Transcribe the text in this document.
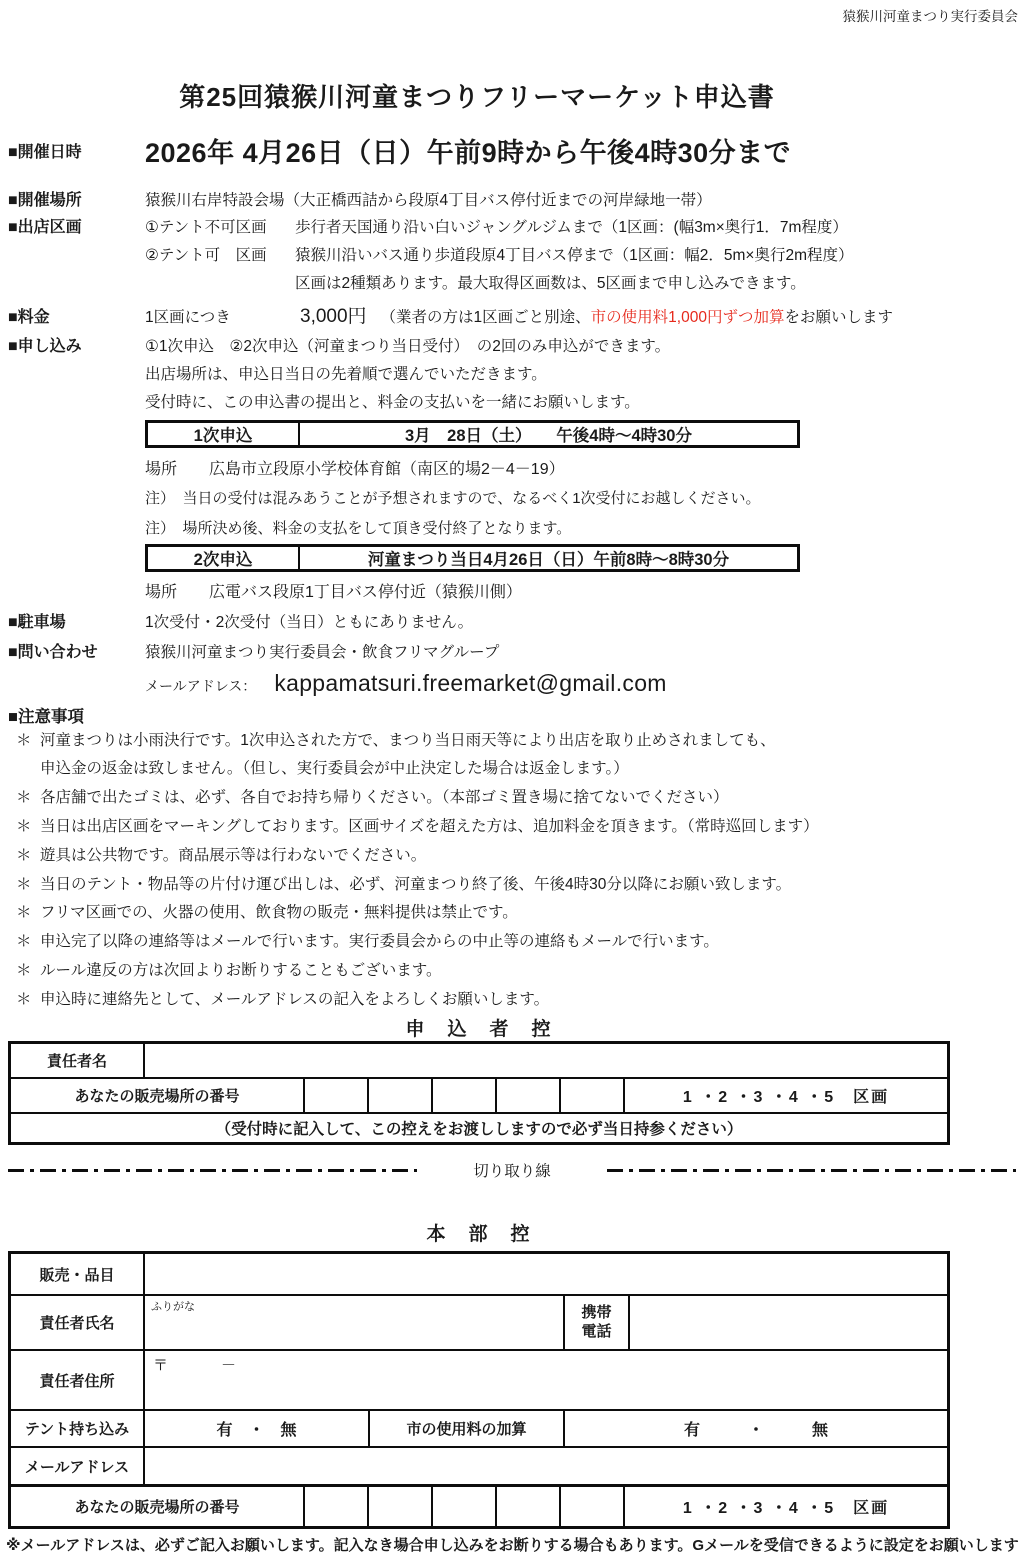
猿猴川河童まつり実行委員会
第25回猿猴川河童まつりフリーマーケット申込書
■開催日時	2026年 4月26日（日）午前9時から午後4時30分まで
■開催場所	猿猴川右岸特設会場（大正橋西詰から段原4丁目バス停付近までの河岸緑地一帯）
■出店区画	①テント不可区画 歩行者天国通り沿い白いジャングルジムまで（1区画：(幅3m×奥行1．7m程度）
②テント可　区画 猿猴川沿いバス通り歩道段原4丁目バス停まで（1区画：幅2．5m×奥行2m程度）
区画は2種類あります。最大取得区画数は、5区画まで申し込みできます。
■料金	1区画につき	3,000円 （業者の方は1区画ごと別途、市の使用料1,000円ずつ加算をお願いします
■申し込み	①1次申込　②2次申込（河童まつり当日受付）　の2回のみ申込ができます。
出店場所は、申込日当日の先着順で選んでいただきます。
受付時に、この申込書の提出と、料金の支払いを一緒にお願いします。
1次申込	3月　28日（土）　　午後4時～4時30分
場所　　広島市立段原小学校体育館（南区的場2－4－19）
注）　当日の受付は混みあうことが予想されますので、なるべく1次受付にお越しください。
注）　場所決め後、料金の支払をして頂き受付終了となります。
2次申込	河童まつり当日4月26日（日）午前8時～8時30分
場所　　広電バス段原1丁目バス停付近（猿猴川側）
■駐車場	1次受付・2次受付（当日）ともにありません。
■問い合わせ	猿猴川河童まつり実行委員会・飲食フリマグループ
メールアドレス： kappamatsuri.freemarket@gmail.com
■注意事項
＊ 河童まつりは小雨決行です。1次申込された方で、まつり当日雨天等により出店を取り止めされましても、
申込金の返金は致しません。（但し、実行委員会が中止決定した場合は返金します。）
＊ 各店舗で出たゴミは、必ず、各自でお持ち帰りください。（本部ゴミ置き場に捨てないでください）
＊ 当日は出店区画をマーキングしております。区画サイズを超えた方は、追加料金を頂きます。（常時巡回します）
＊ 遊具は公共物です。商品展示等は行わないでください。
＊ 当日のテント・物品等の片付け運び出しは、必ず、河童まつり終了後、午後4時30分以降にお願い致します。
＊ フリマ区画での、火器の使用、飲食物の販売・無料提供は禁止です。
＊ 申込完了以降の連絡等はメールで行います。実行委員会からの中止等の連絡もメールで行います。
＊ ルール違反の方は次回よりお断りすることもございます。
＊ 申込時に連絡先として、メールアドレスの記入をよろしくお願いします。
申　込　者　控
責任者名
あなたの販売場所の番号	1 ・2 ・3 ・4 ・5　区画
（受付時に記入して、この控えをお渡ししますので必ず当日持参ください）
切り取り線
本　部　控
販売・品目
責任者氏名
ふりがな	携帯
電話
責任者住所
〒　　　－
テント持ち込み	有　・　無	市の使用料の加算	有　　　・　　　無
メールアドレス
あなたの販売場所の番号	1 ・2 ・3 ・4 ・5　区画
※メールアドレスは、必ずご記入お願いします。記入なき場合申し込みをお断りする場合もあります。Gメールを受信できるように設定をお願いします
